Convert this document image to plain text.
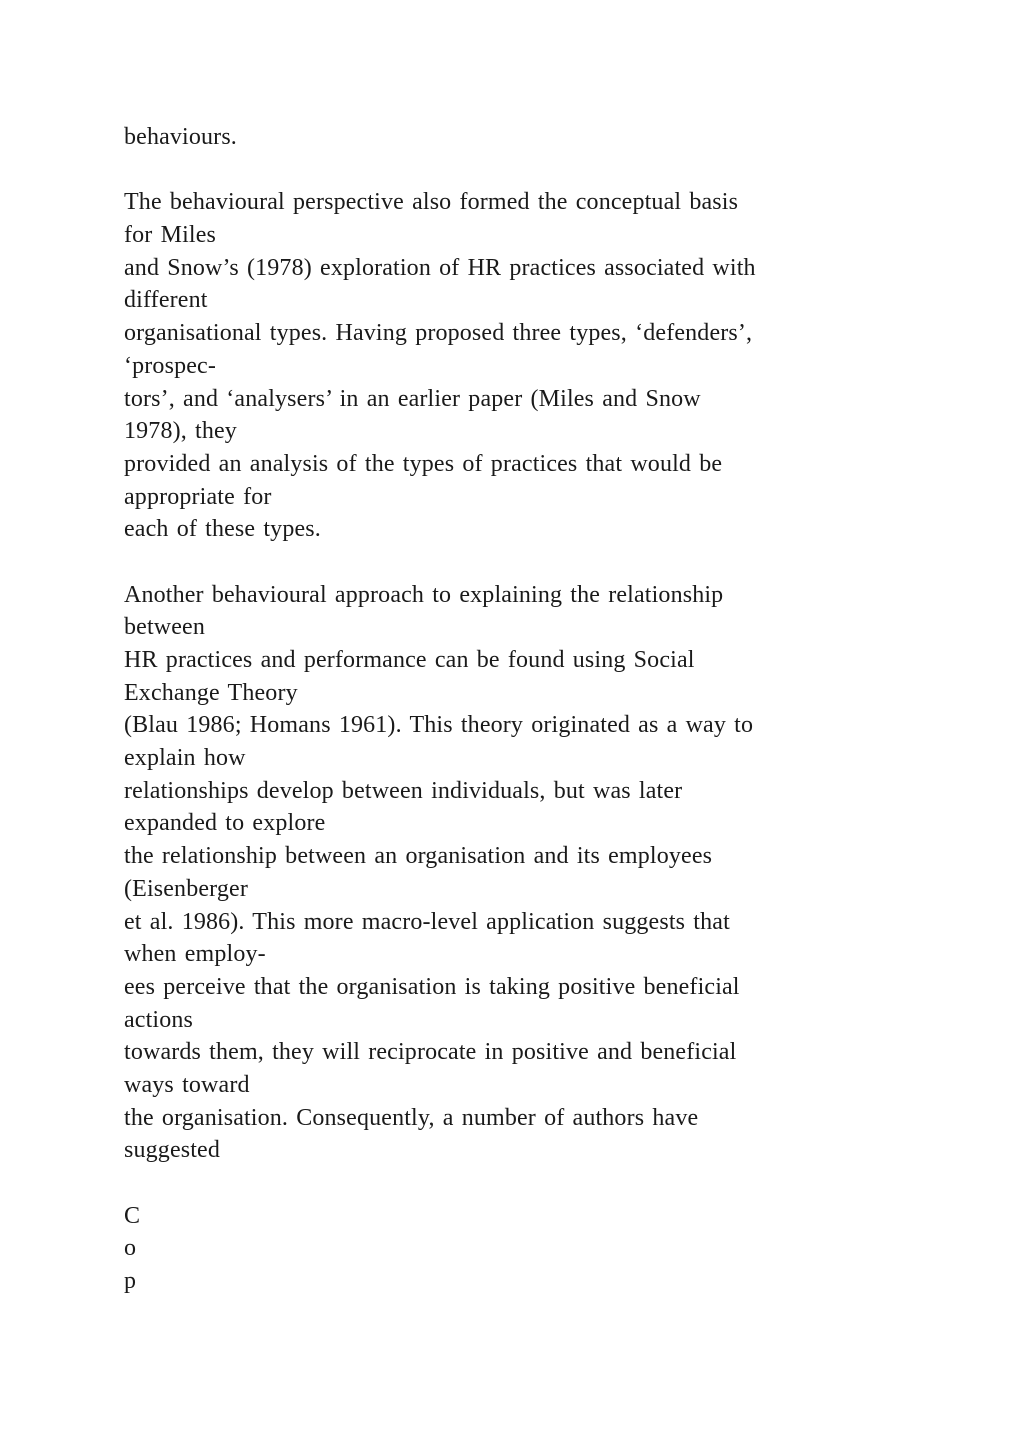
behaviours.
The behavioural perspective also formed the conceptual basis
for Miles
and Snow’s (1978) exploration of HR practices associated with
different
organisational types. Having proposed three types, ‘defenders’,
‘prospec-
tors’, and ‘analysers’ in an earlier paper (Miles and Snow
1978), they
provided an analysis of the types of practices that would be
appropriate for
each of these types.
Another behavioural approach to explaining the relationship
between
HR practices and performance can be found using Social
Exchange Theory
(Blau 1986; Homans 1961). This theory originated as a way to
explain how
relationships develop between individuals, but was later
expanded to explore
the relationship between an organisation and its employees
(Eisenberger
et al. 1986). This more macro-level application suggests that
when employ-
ees perceive that the organisation is taking positive beneficial
actions
towards them, they will reciprocate in positive and beneficial
ways toward
the organisation. Consequently, a number of authors have
suggested
C
o
p
